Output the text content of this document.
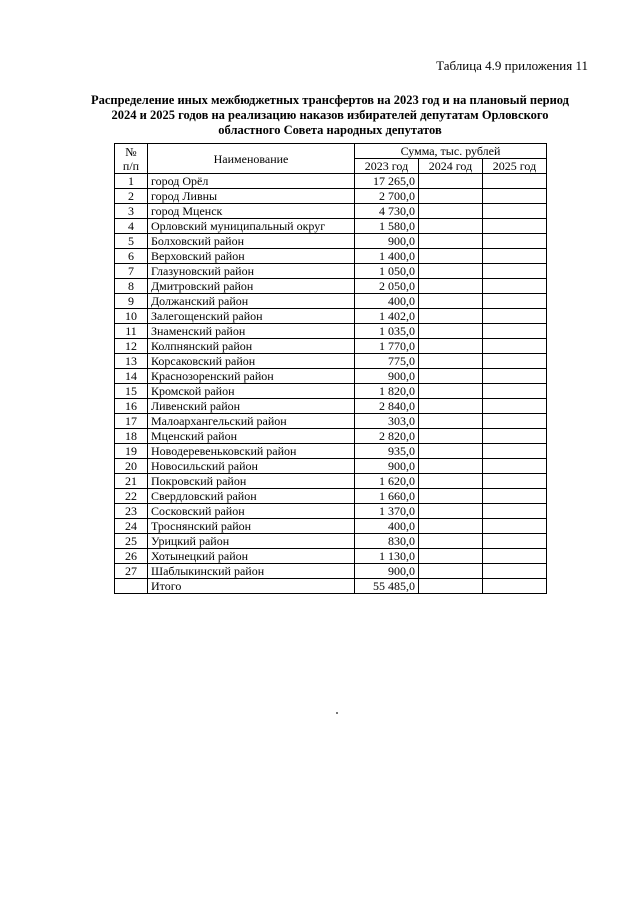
Таблица 4.9 приложения 11
Распределение иных межбюджетных трансфертов на 2023 год и на плановый период
2024 и 2025 годов на реализацию наказов избирателей депутатам Орловского
областного Совета народных депутатов
№
п/п	Наименование	Сумма, тыс. рублей		
		2023 год	2024 год	2025 год
1	город Орёл	17 265,0		
2	город Ливны	2 700,0		
3	город Мценск	4 730,0		
4	Орловский муниципальный округ	1 580,0		
5	Болховский район	900,0		
6	Верховский район	1 400,0		
7	Глазуновский район	1 050,0		
8	Дмитровский район	2 050,0		
9	Должанский район	400,0		
10	Залегощенский район	1 402,0		
11	Знаменский район	1 035,0		
12	Колпнянский район	1 770,0		
13	Корсаковский район	775,0		
14	Краснозоренский район	900,0		
15	Кромской район	1 820,0		
16	Ливенский район	2 840,0		
17	Малоархангельский район	303,0		
18	Мценский район	2 820,0		
19	Новодеревеньковский район	935,0		
20	Новосильский район	900,0		
21	Покровский район	1 620,0		
22	Свердловский район	1 660,0		
23	Сосковский район	1 370,0		
24	Троснянский район	400,0		
25	Урицкий район	830,0		
26	Хотынецкий район	1 130,0		
27	Шаблыкинский район	900,0		
	Итого	55 485,0		
